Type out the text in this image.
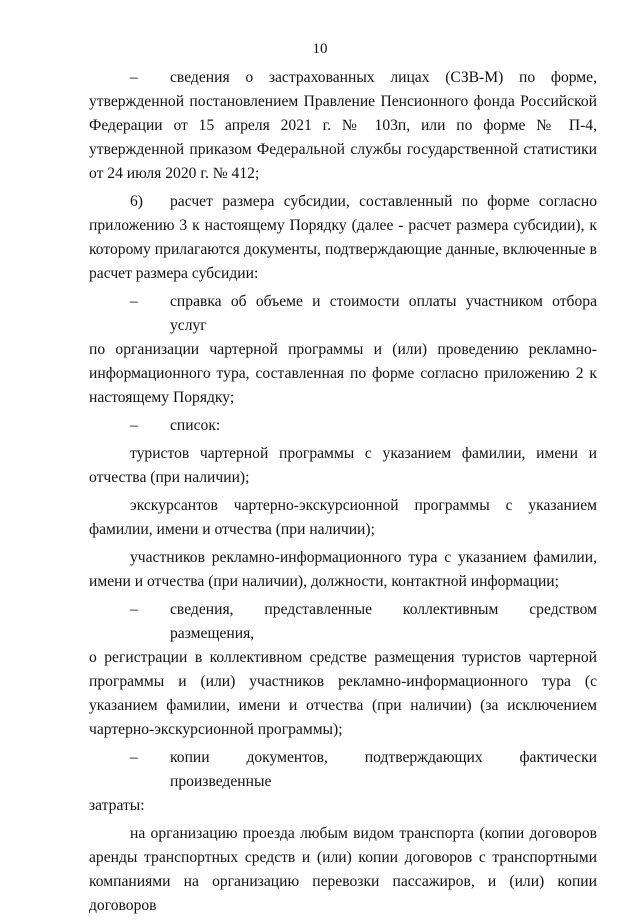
10
–	сведения о застрахованных лицах (СЗВ-М) по форме,
утвержденной постановлением Правление Пенсионного фонда Российской Федерации от 15 апреля 2021 г. № 103п, или по форме № П-4, утвержденной приказом Федеральной службы государственной статистики от 24 июля 2020 г. № 412;
6)	расчет размера субсидии, составленный по форме согласно
приложению 3 к настоящему Порядку (далее - расчет размера субсидии), к которому прилагаются документы, подтверждающие данные, включенные в расчет размера субсидии:
–	справка об объеме и стоимости оплаты участником отбора услуг
по организации чартерной программы и (или) проведению рекламно-информационного тура, составленная по форме согласно приложению 2 к настоящему Порядку;
–	список:

туристов чартерной программы с указанием фамилии, имени и отчества (при наличии);

экскурсантов чартерно-экскурсионной программы с указанием фамилии, имени и отчества (при наличии);

участников рекламно-информационного тура с указанием фамилии, имени и отчества (при наличии), должности, контактной информации;

–	сведения, представленные коллективным средством размещения,
о регистрации в коллективном средстве размещения туристов чартерной программы и (или) участников рекламно-информационного тура (с указанием фамилии, имени и отчества (при наличии) (за исключением чартерно-экскурсионной программы);
–	копии документов, подтверждающих фактически произведенные
затраты:

на организацию проезда любым видом транспорта (копии договоров аренды транспортных средств и (или) копии договоров с транспортными компаниями на организацию перевозки пассажиров, и (или) копии договоров
